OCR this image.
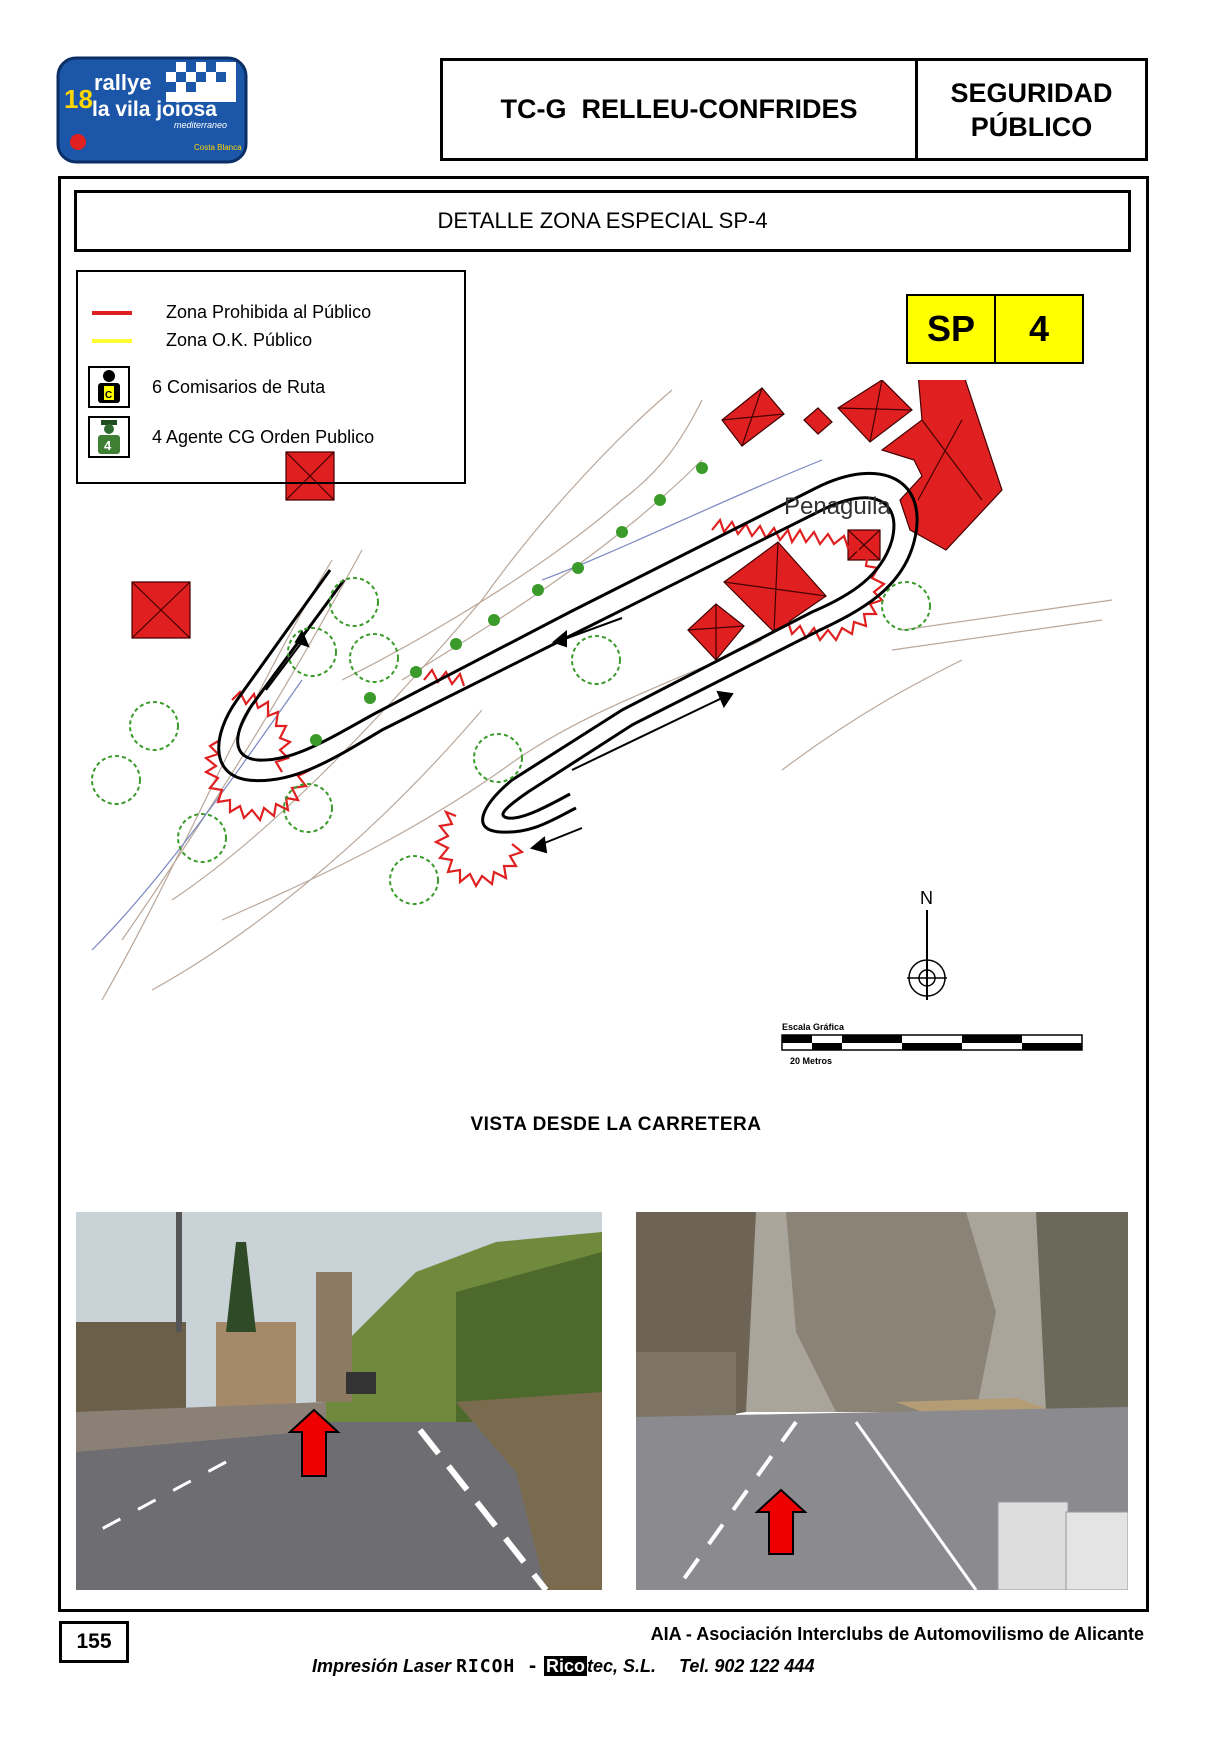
18
rallye
la vila joiosa
mediterraneo
Costa Blanca
TC-G  RELLEU-CONFRIDES
SEGURIDAD
PÚBLICO
DETALLE ZONA ESPECIAL SP-4
Penaguila
N
Escala Gráfica
20 Metros
Zona Prohibida al Público
Zona O.K. Público
C 6 Comisarios de Ruta
4 4 Agente CG Orden Publico
SP	4
VISTA DESDE LA CARRETERA
155	AIA - Asociación Interclubs de Automovilismo de Alicante
Impresión Laser RICOH - Rico tec, S.L. Tel. 902 122 444
